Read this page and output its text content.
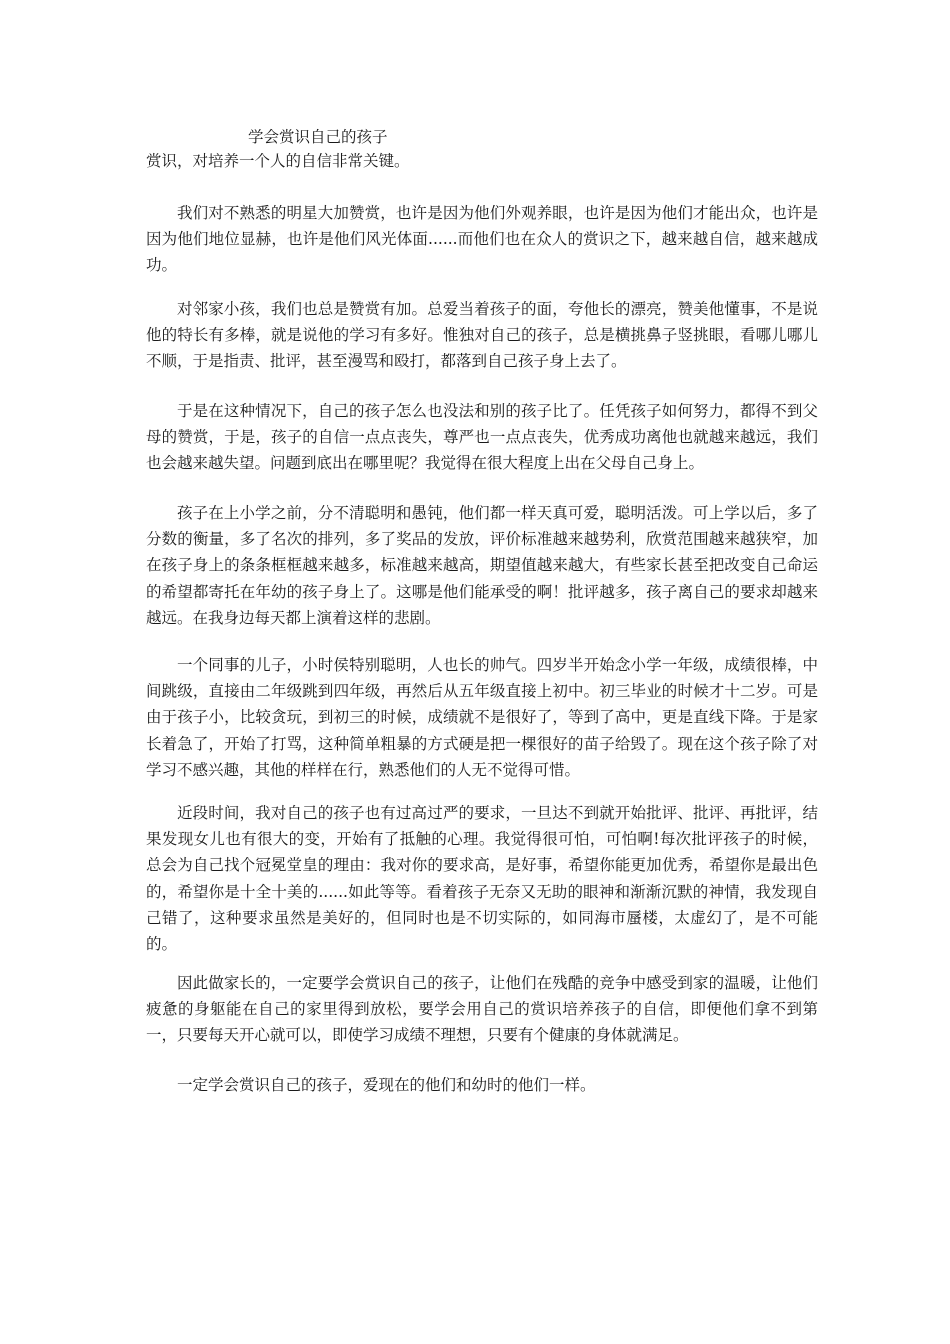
学会赏识自己的孩子
赏识，对培养一个人的自信非常关键。

我们对不熟悉的明星大加赞赏，也许是因为他们外观养眼，也许是因为他们才能出众，也许是因为他们地位显赫，也许是他们风光体面......而他们也在众人的赏识之下，越来越自信，越来越成功。

对邻家小孩，我们也总是赞赏有加。总爱当着孩子的面，夸他长的漂亮，赞美他懂事，不是说他的特长有多棒，就是说他的学习有多好。惟独对自己的孩子，总是横挑鼻子竖挑眼，看哪儿哪儿不顺，于是指责、批评，甚至漫骂和殴打，都落到自己孩子身上去了。

于是在这种情况下，自己的孩子怎么也没法和别的孩子比了。任凭孩子如何努力，都得不到父母的赞赏，于是，孩子的自信一点点丧失，尊严也一点点丧失，优秀成功离他也就越来越远，我们也会越来越失望。问题到底出在哪里呢？我觉得在很大程度上出在父母自己身上。

孩子在上小学之前，分不清聪明和愚钝，他们都一样天真可爱，聪明活泼。可上学以后，多了分数的衡量，多了名次的排列，多了奖品的发放，评价标准越来越势利，欣赏范围越来越狭窄，加在孩子身上的条条框框越来越多，标准越来越高，期望值越来越大，有些家长甚至把改变自己命运的希望都寄托在年幼的孩子身上了。这哪是他们能承受的啊！批评越多，孩子离自己的要求却越来越远。在我身边每天都上演着这样的悲剧。

一个同事的儿子，小时侯特别聪明，人也长的帅气。四岁半开始念小学一年级，成绩很棒，中间跳级，直接由二年级跳到四年级，再然后从五年级直接上初中。初三毕业的时候才十二岁。可是由于孩子小，比较贪玩，到初三的时候，成绩就不是很好了，等到了高中，更是直线下降。于是家长着急了，开始了打骂，这种简单粗暴的方式硬是把一棵很好的苗子给毁了。现在这个孩子除了对学习不感兴趣，其他的样样在行，熟悉他们的人无不觉得可惜。

近段时间，我对自己的孩子也有过高过严的要求，一旦达不到就开始批评、批评、再批评，结果发现女儿也有很大的变，开始有了抵触的心理。我觉得很可怕，可怕啊!每次批评孩子的时候，总会为自己找个冠冕堂皇的理由：我对你的要求高，是好事，希望你能更加优秀，希望你是最出色的，希望你是十全十美的......如此等等。看着孩子无奈又无助的眼神和渐渐沉默的神情，我发现自己错了，这种要求虽然是美好的，但同时也是不切实际的，如同海市蜃楼，太虚幻了，是不可能的。

因此做家长的，一定要学会赏识自己的孩子，让他们在残酷的竞争中感受到家的温暖，让他们疲惫的身躯能在自己的家里得到放松，要学会用自己的赏识培养孩子的自信，即便他们拿不到第一，只要每天开心就可以，即使学习成绩不理想，只要有个健康的身体就满足。

一定学会赏识自己的孩子，爱现在的他们和幼时的他们一样。
